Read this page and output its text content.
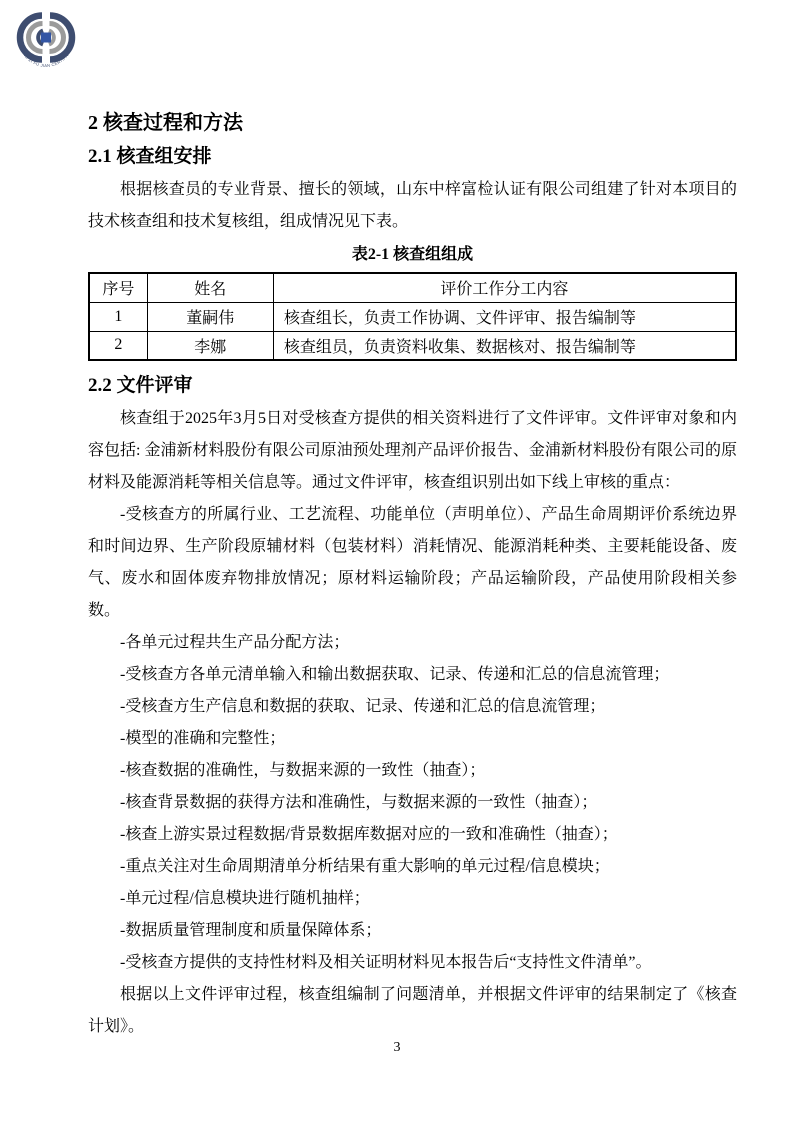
ZHONG ZI FU JIAN CERTIFICATION
2 核查过程和方法
2.1 核查组安排

根据核查员的专业背景、擅长的领域，山东中梓富检认证有限公司组建了针对本项目的技术核查组和技术复核组，组成情况见下表。

表2-1 核查组组成
序号	姓名	评价工作分工内容
1	董嗣伟	核查组长，负责工作协调、文件评审、报告编制等
2	李娜	核查组员，负责资料收集、数据核对、报告编制等
2.2 文件评审

核查组于2025年3月5日对受核查方提供的相关资料进行了文件评审。文件评审对象和内容包括: 金浦新材料股份有限公司原油预处理剂产品评价报告、金浦新材料股份有限公司的原材料及能源消耗等相关信息等。通过文件评审，核查组识别出如下线上审核的重点：

-受核查方的所属行业、工艺流程、功能单位（声明单位）、产品生命周期评价系统边界和时间边界、生产阶段原辅材料（包装材料）消耗情况、能源消耗种类、主要耗能设备、废气、废水和固体废弃物排放情况；原材料运输阶段；产品运输阶段，产品使用阶段相关参数。

-各单元过程共生产品分配方法；

-受核查方各单元清单输入和输出数据获取、记录、传递和汇总的信息流管理；

-受核查方生产信息和数据的获取、记录、传递和汇总的信息流管理；

-模型的准确和完整性；

-核查数据的准确性，与数据来源的一致性（抽查）；

-核查背景数据的获得方法和准确性，与数据来源的一致性（抽查）；

-核查上游实景过程数据/背景数据库数据对应的一致和准确性（抽查）；

-重点关注对生命周期清单分析结果有重大影响的单元过程/信息模块；

-单元过程/信息模块进行随机抽样；

-数据质量管理制度和质量保障体系；

-受核查方提供的支持性材料及相关证明材料见本报告后“支持性文件清单”。

根据以上文件评审过程，核查组编制了问题清单，并根据文件评审的结果制定了《核查计划》。

3
